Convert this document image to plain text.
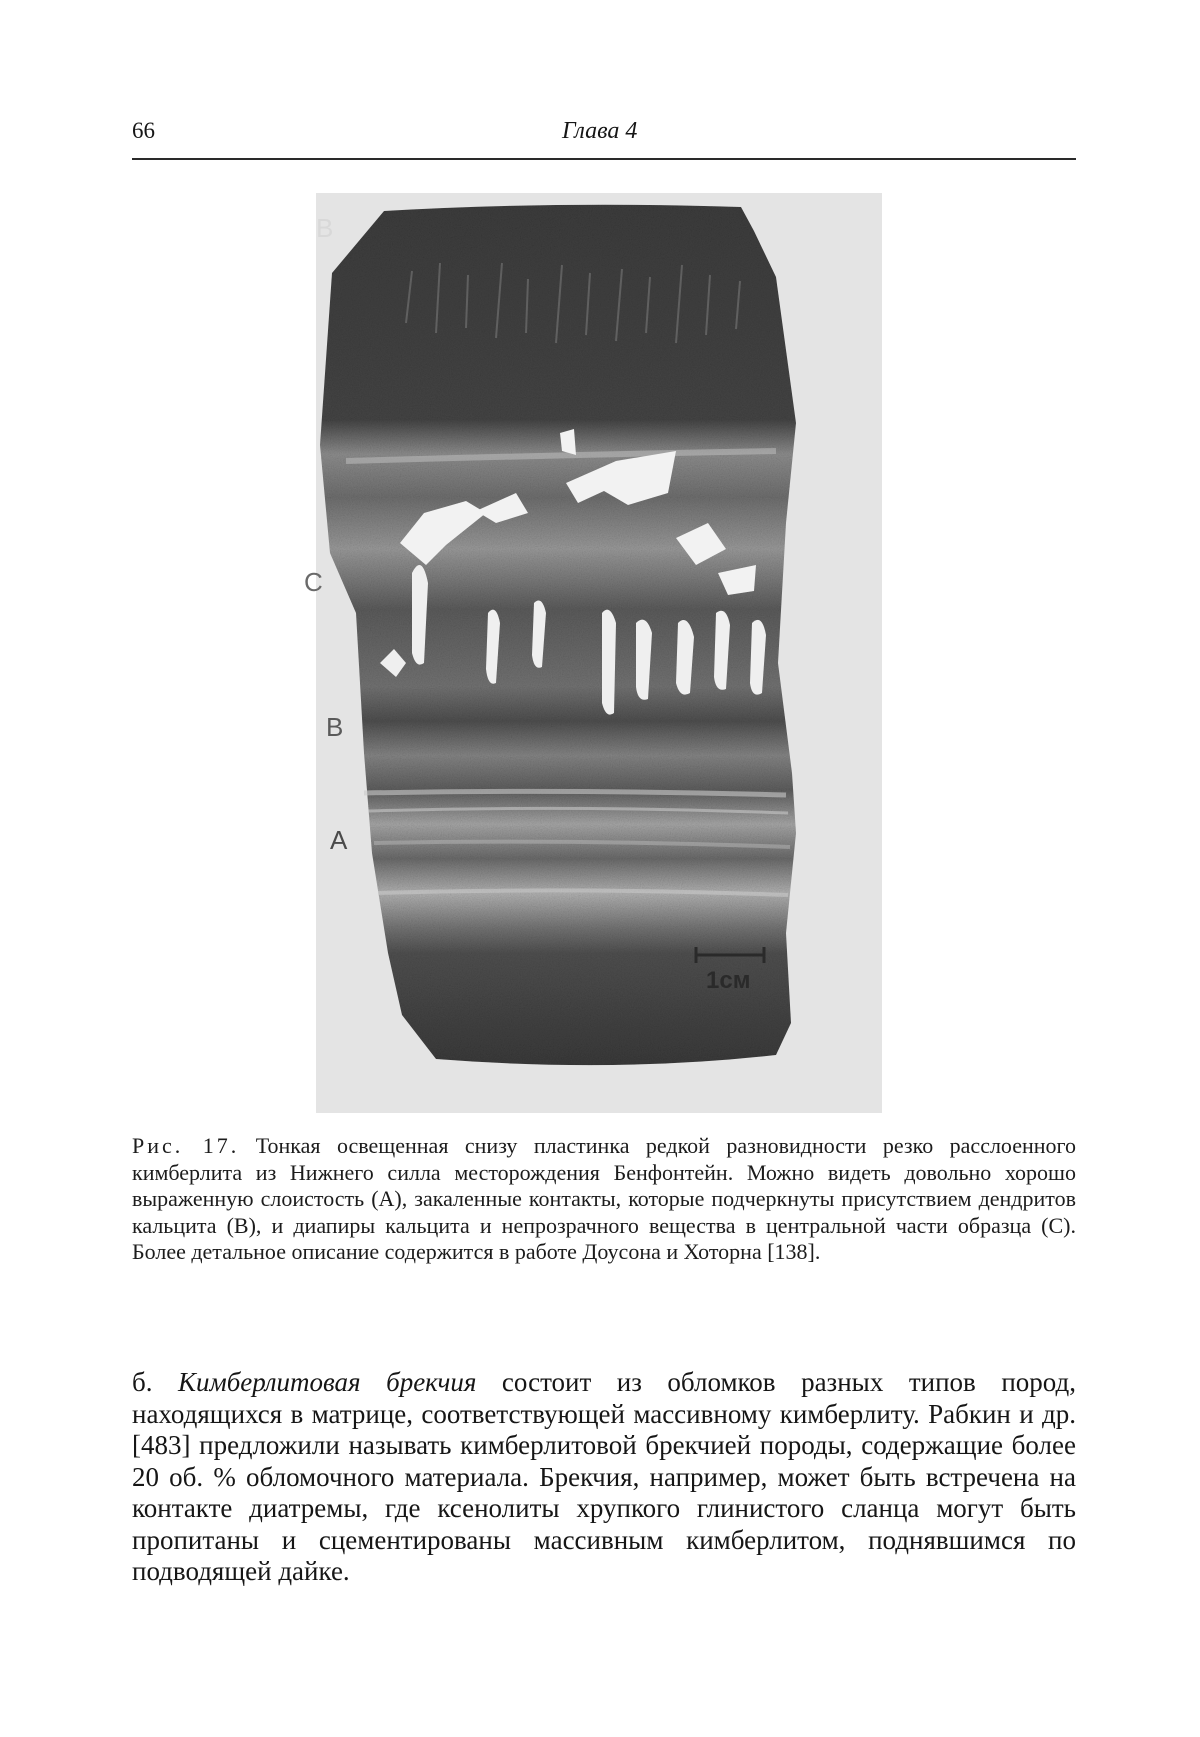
66	Глава 4
B
C
B
A
1см
Рис. 17. Тонкая освещенная снизу пластинка редкой разновидности резко расслоенного кимберлита из Нижнего силла месторождения Бенфонтейн. Можно видеть довольно хорошо выраженную слоистость (А), закаленные контакты, которые подчеркнуты присутствием дендритов кальцита (В), и диапиры кальцита и непрозрачного вещества в центральной части образца (С). Более детальное описание содержится в работе Доусона и Хоторна [138].
б. Кимберлитовая брекчия состоит из обломков разных типов пород, находящихся в матрице, соответствующей массивному кимберлиту. Рабкин и др. [483] предложили называть кимберлитовой брекчией породы, содержащие более 20 об. % обломочного материала. Брекчия, например, может быть встречена на контакте диатремы, где ксенолиты хрупкого глинистого сланца могут быть пропитаны и сцементированы массивным кимберлитом, поднявшимся по подводящей дайке.
